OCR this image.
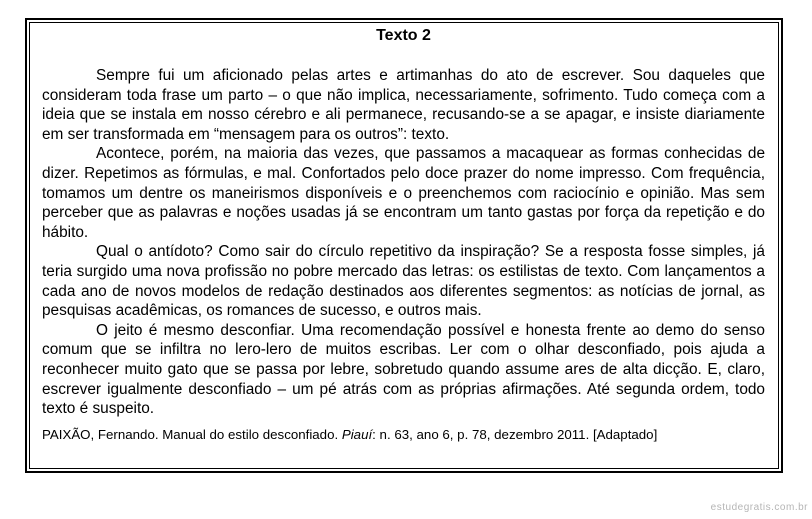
Texto 2

Sempre fui um aficionado pelas artes e artimanhas do ato de escrever. Sou daqueles que consideram toda frase um parto – o que não implica, necessariamente, sofrimento. Tudo começa com a ideia que se instala em nosso cérebro e ali permanece, recusando-se a se apagar, e insiste diariamente em ser transformada em “mensagem para os outros”: texto.

Acontece, porém, na maioria das vezes, que passamos a macaquear as formas conhecidas de dizer. Repetimos as fórmulas, e mal. Confortados pelo doce prazer do nome impresso. Com frequência, tomamos um dentre os maneirismos disponíveis e o preenchemos com raciocínio e opinião. Mas sem perceber que as palavras e noções usadas já se encontram um tanto gastas por força da repetição e do hábito.

Qual o antídoto? Como sair do círculo repetitivo da inspiração? Se a resposta fosse simples, já teria surgido uma nova profissão no pobre mercado das letras: os estilistas de texto. Com lançamentos a cada ano de novos modelos de redação destinados aos diferentes segmentos: as notícias de jornal, as pesquisas acadêmicas, os romances de sucesso, e outros mais.

O jeito é mesmo desconfiar. Uma recomendação possível e honesta frente ao demo do senso comum que se infiltra no lero-lero de muitos escribas. Ler com o olhar desconfiado, pois ajuda a reconhecer muito gato que se passa por lebre, sobretudo quando assume ares de alta dicção. E, claro, escrever igualmente desconfiado – um pé atrás com as próprias afirmações. Até segunda ordem, todo texto é suspeito.

PAIXÃO, Fernando. Manual do estilo desconfiado. Piauí: n. 63, ano 6, p. 78, dezembro 2011. [Adaptado]
estudegratis.com.br
